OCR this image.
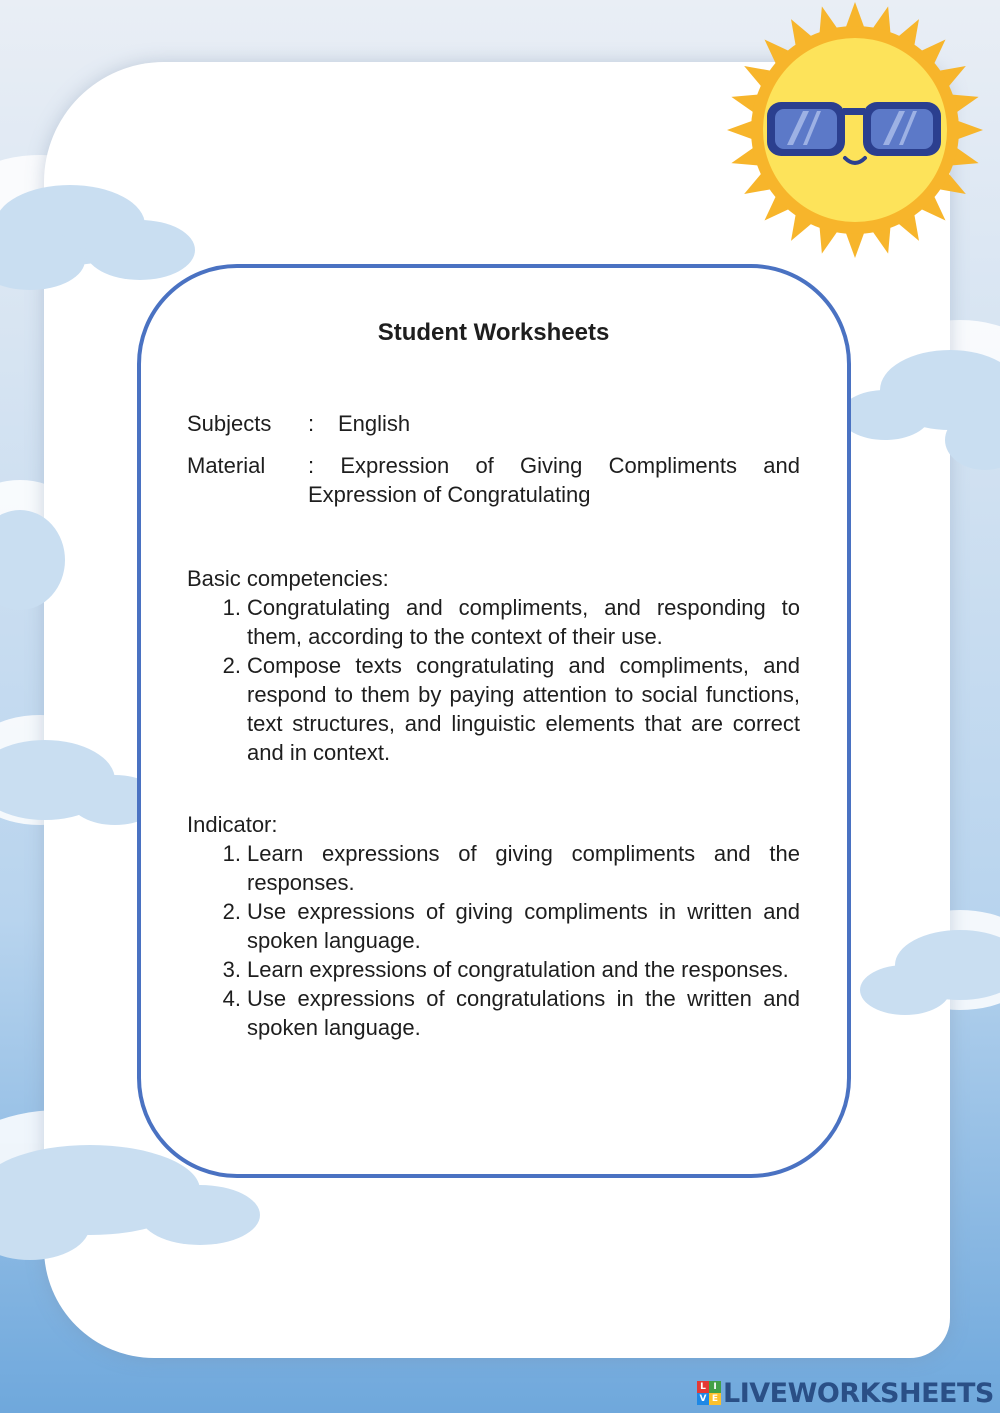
Student Worksheets
Subjects	:	English
Material	: Expression of Giving Compliments and
Expression of Congratulating
Basic competencies:
1. Congratulating and compliments, and responding to them, according to the context of their use.
2. Compose texts congratulating and compliments, and respond to them by paying attention to social functions, text structures, and linguistic elements that are correct and in context.
Indicator:
1. Learn expressions of giving compliments and the responses.
2. Use expressions of giving compliments in written and spoken language.
3. Learn expressions of congratulation and the responses.
4. Use expressions of congratulations in the written and spoken language.
L I
V E LIVEWORKSHEETS
